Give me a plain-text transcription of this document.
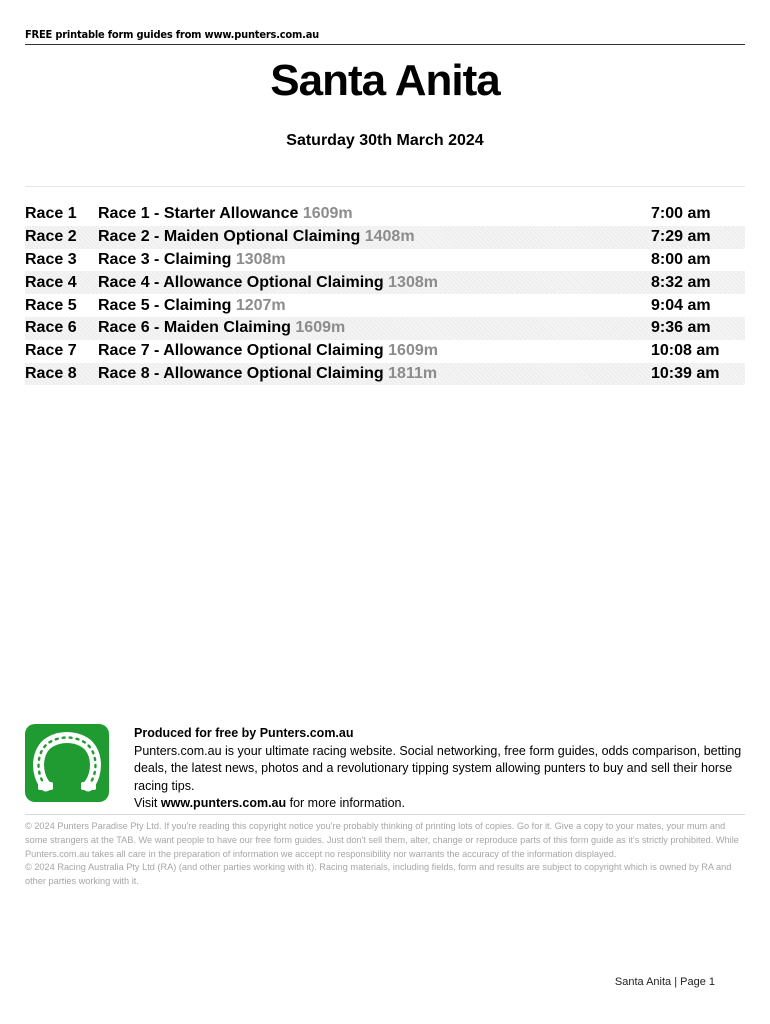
FREE printable form guides from www.punters.com.au
Santa Anita
Saturday 30th March 2024
Race 1	Race 1 - Starter Allowance 1609m	7:00 am
Race 2	Race 2 - Maiden Optional Claiming 1408m	7:29 am
Race 3	Race 3 - Claiming 1308m	8:00 am
Race 4	Race 4 - Allowance Optional Claiming 1308m	8:32 am
Race 5	Race 5 - Claiming 1207m	9:04 am
Race 6	Race 6 - Maiden Claiming 1609m	9:36 am
Race 7	Race 7 - Allowance Optional Claiming 1609m	10:08 am
Race 8	Race 8 - Allowance Optional Claiming 1811m	10:39 am
Produced for free by Punters.com.au
Punters.com.au is your ultimate racing website. Social networking, free form guides, odds comparison, betting deals, the latest news, photos and a revolutionary tipping system allowing punters to buy and sell their horse racing tips.
Visit www.punters.com.au for more information.

© 2024 Punters Paradise Pty Ltd. If you're reading this copyright notice you're probably thinking of printing lots of copies. Go for it. Give a copy to your mates, your mum and some strangers at the TAB. We want people to have our free form guides. Just don't sell them, alter, change or reproduce parts of this form guide as it's strictly prohibited. While Punters.com.au takes all care in the preparation of information we accept no responsibility nor warrants the accuracy of the information displayed.

© 2024 Racing Australia Pty Ltd (RA) (and other parties working with it). Racing materials, including fields, form and results are subject to copyright which is owned by RA and other parties working with it.

Santa Anita | Page 1
